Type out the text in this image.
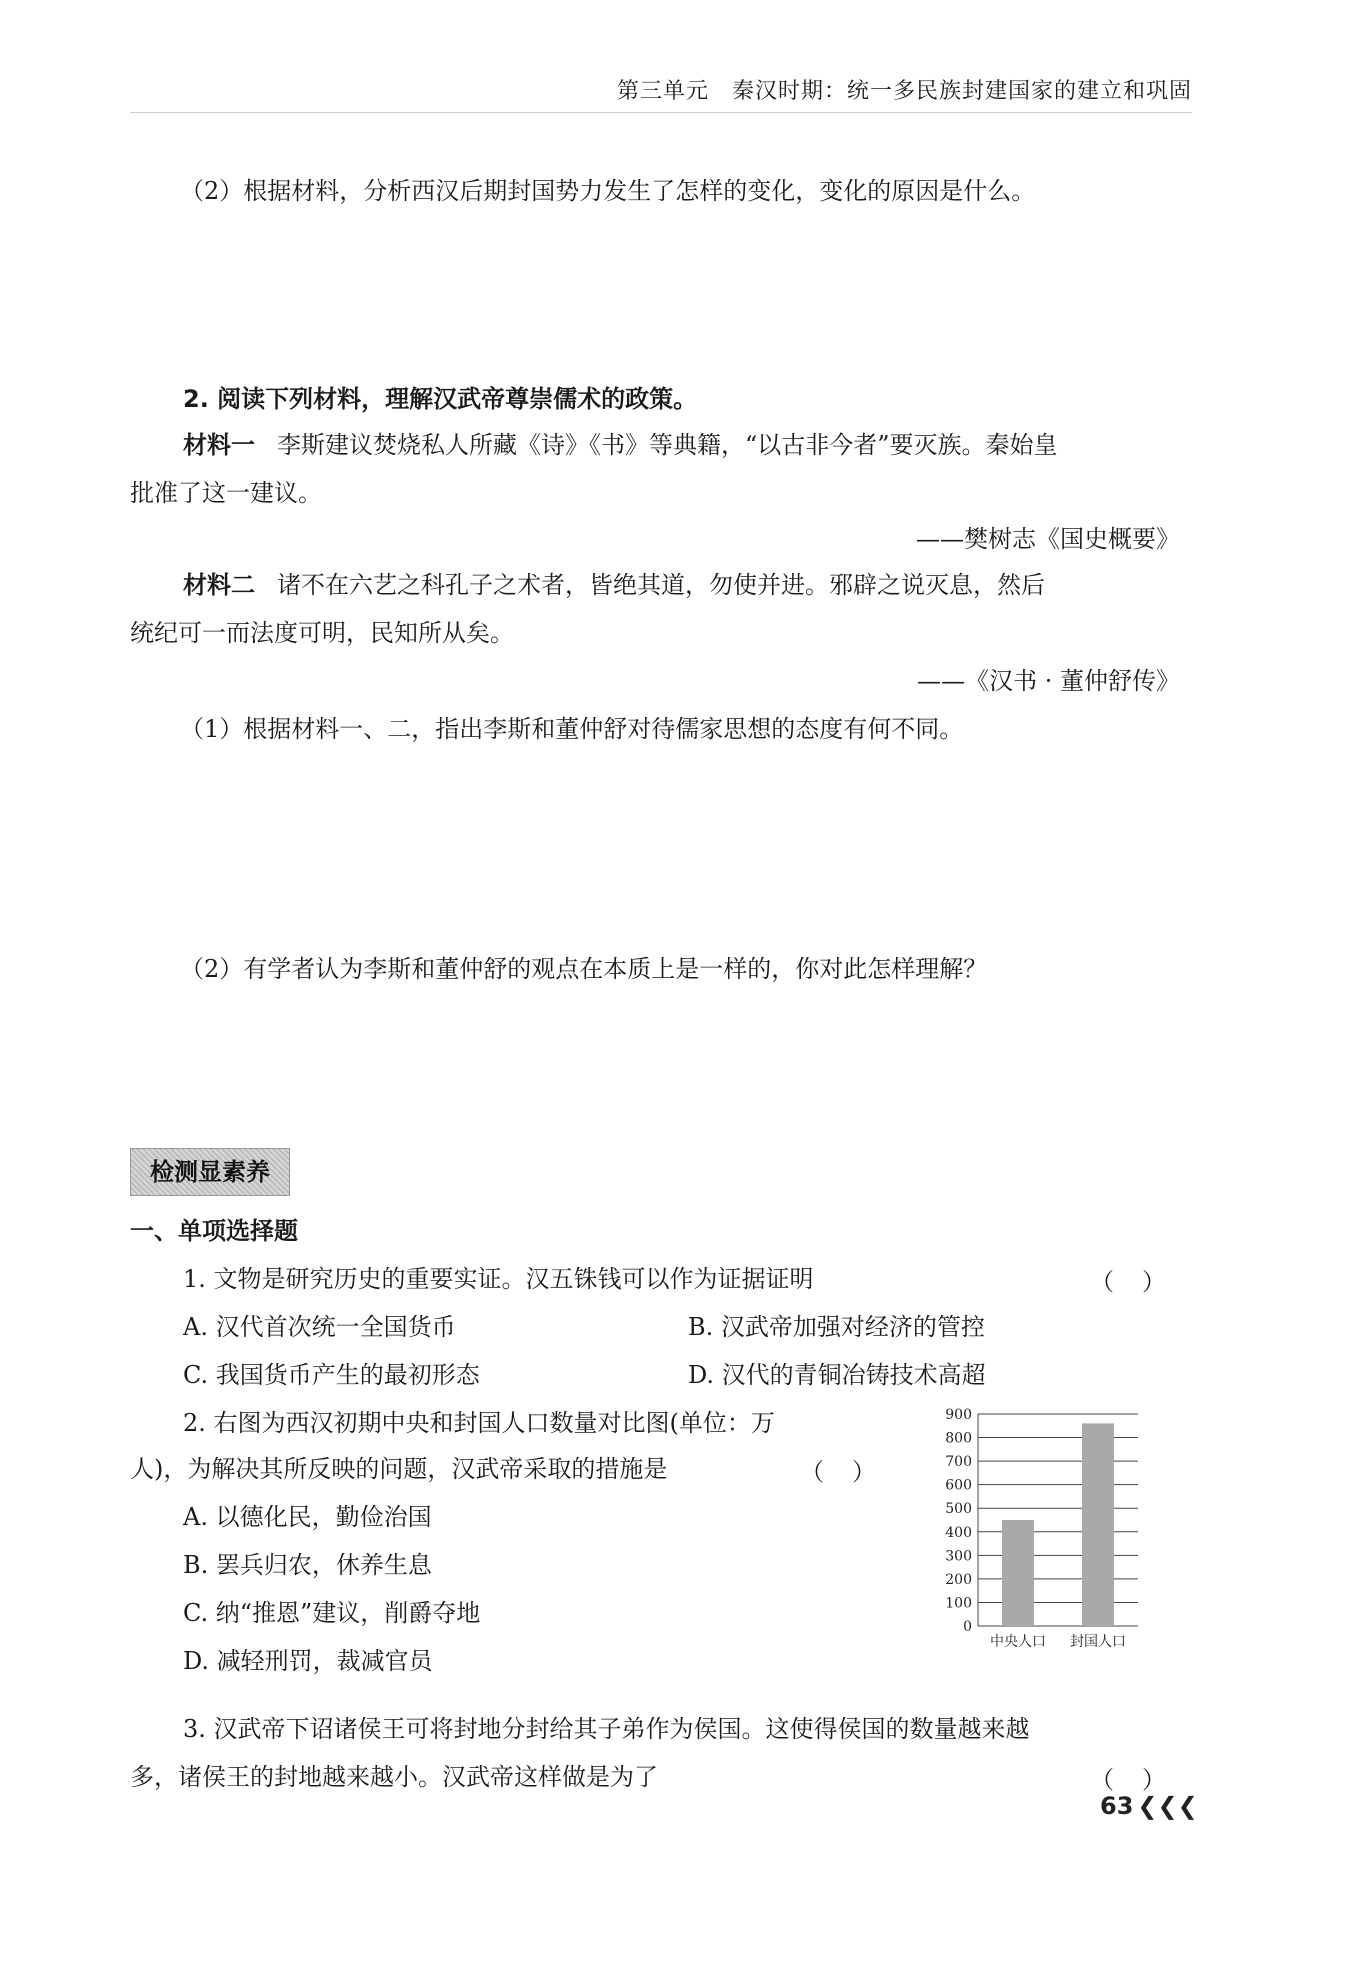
第三单元　秦汉时期：统一多民族封建国家的建立和巩固
（2）根据材料，分析西汉后期封国势力发生了怎样的变化，变化的原因是什么。
2. 阅读下列材料，理解汉武帝尊崇儒术的政策。
材料一 李斯建议焚烧私人所藏《诗》《书》等典籍，“以古非今者”要灭族。秦始皇
批准了这一建议。
——樊树志《国史概要》
材料二 诸不在六艺之科孔子之术者，皆绝其道，勿使并进。邪辟之说灭息，然后
统纪可一而法度可明，民知所从矣。
——《汉书 · 董仲舒传》
（1）根据材料一、二，指出李斯和董仲舒对待儒家思想的态度有何不同。
（2）有学者认为李斯和董仲舒的观点在本质上是一样的，你对此怎样理解？
检测显素养
一、单项选择题
1. 文物是研究历史的重要实证。汉五铢钱可以作为证据证明	（）
A. 汉代首次统一全国货币	B. 汉武帝加强对经济的管控
C. 我国货币产生的最初形态	D. 汉代的青铜冶铸技术高超
2. 右图为西汉初期中央和封国人口数量对比图(单位：万
人)，为解决其所反映的问题，汉武帝采取的措施是	（）
A. 以德化民，勤俭治国
B. 罢兵归农，休养生息
C. 纳“推恩”建议，削爵夺地
D. 减轻刑罚，裁减官员
0
100
200
300
400
500
600
700
800
900
中央人口 封国人口
3. 汉武帝下诏诸侯王可将封地分封给其子弟作为侯国。这使得侯国的数量越来越
多，诸侯王的封地越来越小。汉武帝这样做是为了	（）
63 ❮❮❮
